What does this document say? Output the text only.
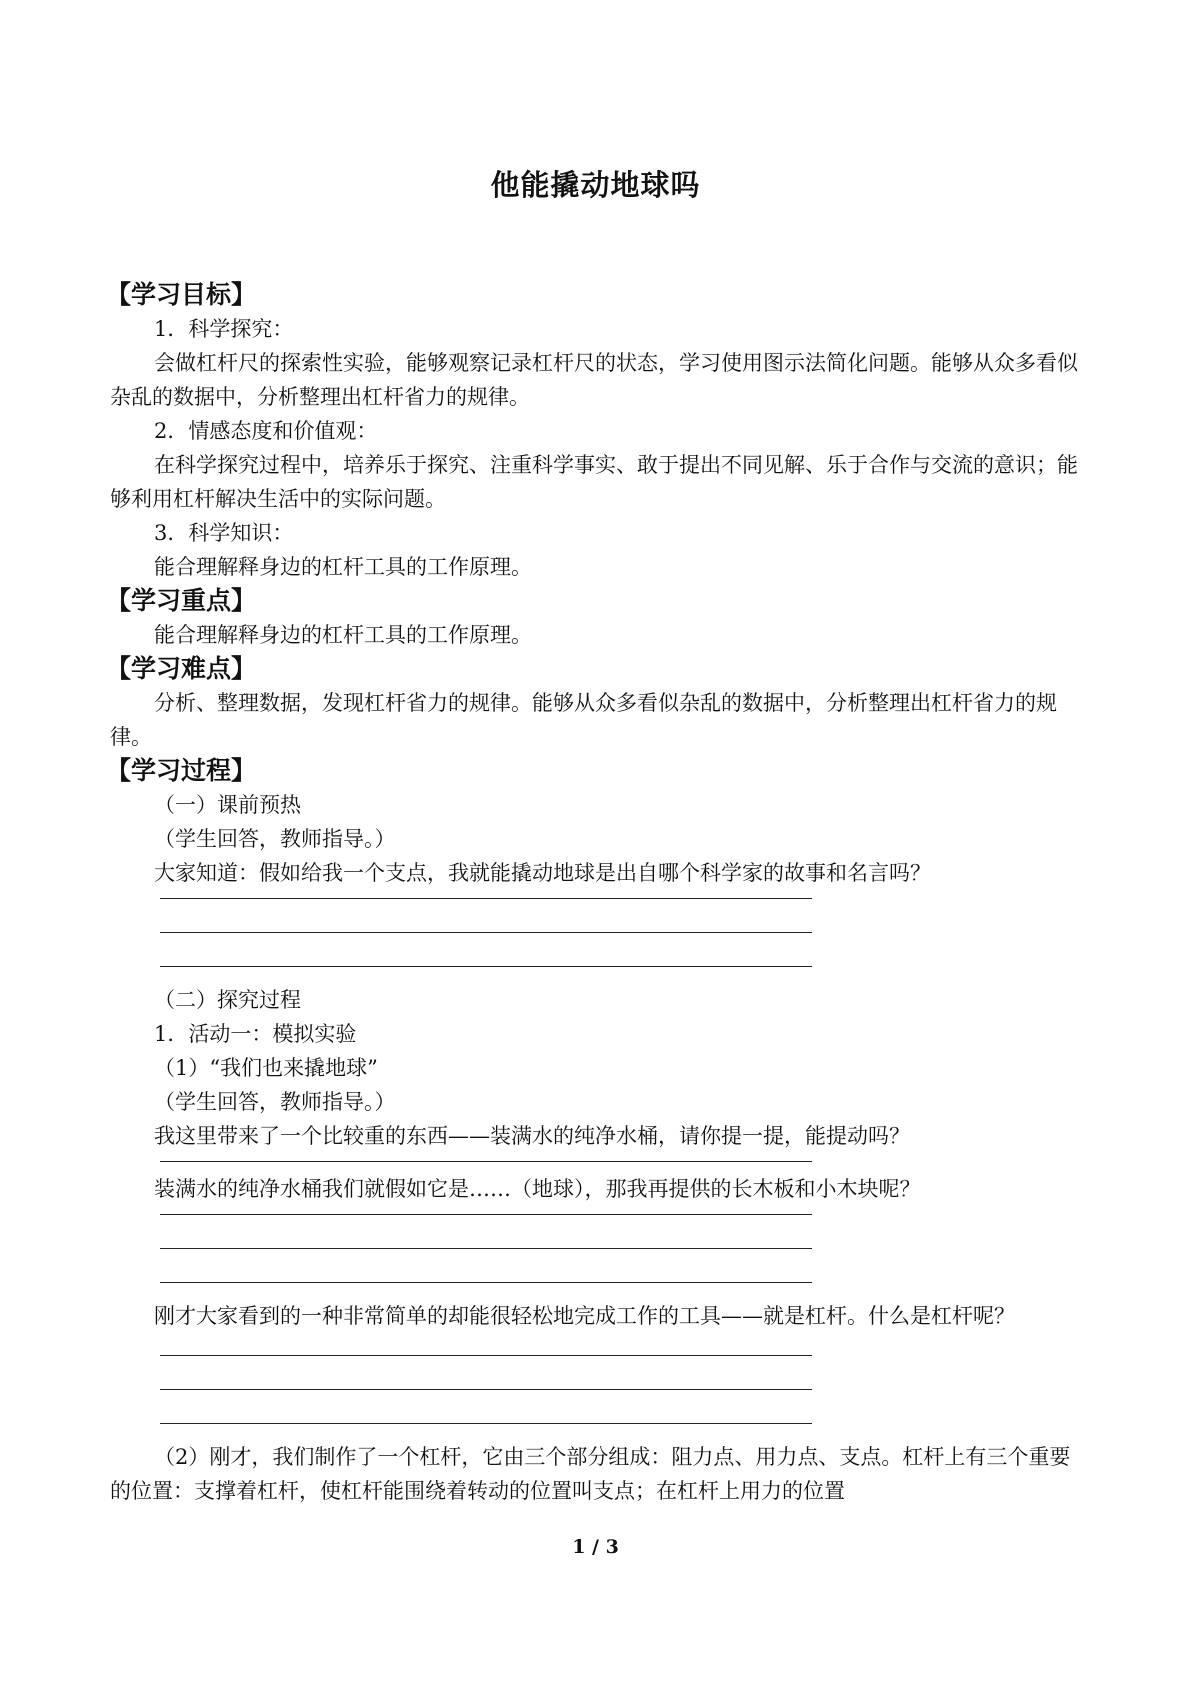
他能撬动地球吗
【学习目标】

1．科学探究：

会做杠杆尺的探索性实验，能够观察记录杠杆尺的状态，学习使用图示法简化问题。能够从众多看似杂乱的数据中，分析整理出杠杆省力的规律。

2．情感态度和价值观：

在科学探究过程中，培养乐于探究、注重科学事实、敢于提出不同见解、乐于合作与交流的意识；能够利用杠杆解决生活中的实际问题。

3．科学知识：

能合理解释身边的杠杆工具的工作原理。

【学习重点】

能合理解释身边的杠杆工具的工作原理。

【学习难点】

分析、整理数据，发现杠杆省力的规律。能够从众多看似杂乱的数据中，分析整理出杠杆省力的规律。

【学习过程】

（一）课前预热

（学生回答，教师指导。）

大家知道：假如给我一个支点，我就能撬动地球是出自哪个科学家的故事和名言吗？

（二）探究过程

1．活动一：模拟实验

（1）“我们也来撬地球”

（学生回答，教师指导。）

我这里带来了一个比较重的东西——装满水的纯净水桶，请你提一提，能提动吗？

装满水的纯净水桶我们就假如它是……（地球），那我再提供的长木板和小木块呢？

刚才大家看到的一种非常简单的却能很轻松地完成工作的工具——就是杠杆。什么是杠杆呢？

（2）刚才，我们制作了一个杠杆，它由三个部分组成：阻力点、用力点、支点。杠杆上有三个重要的位置：支撑着杠杆，使杠杆能围绕着转动的位置叫支点；在杠杆上用力的位置

1 / 3
